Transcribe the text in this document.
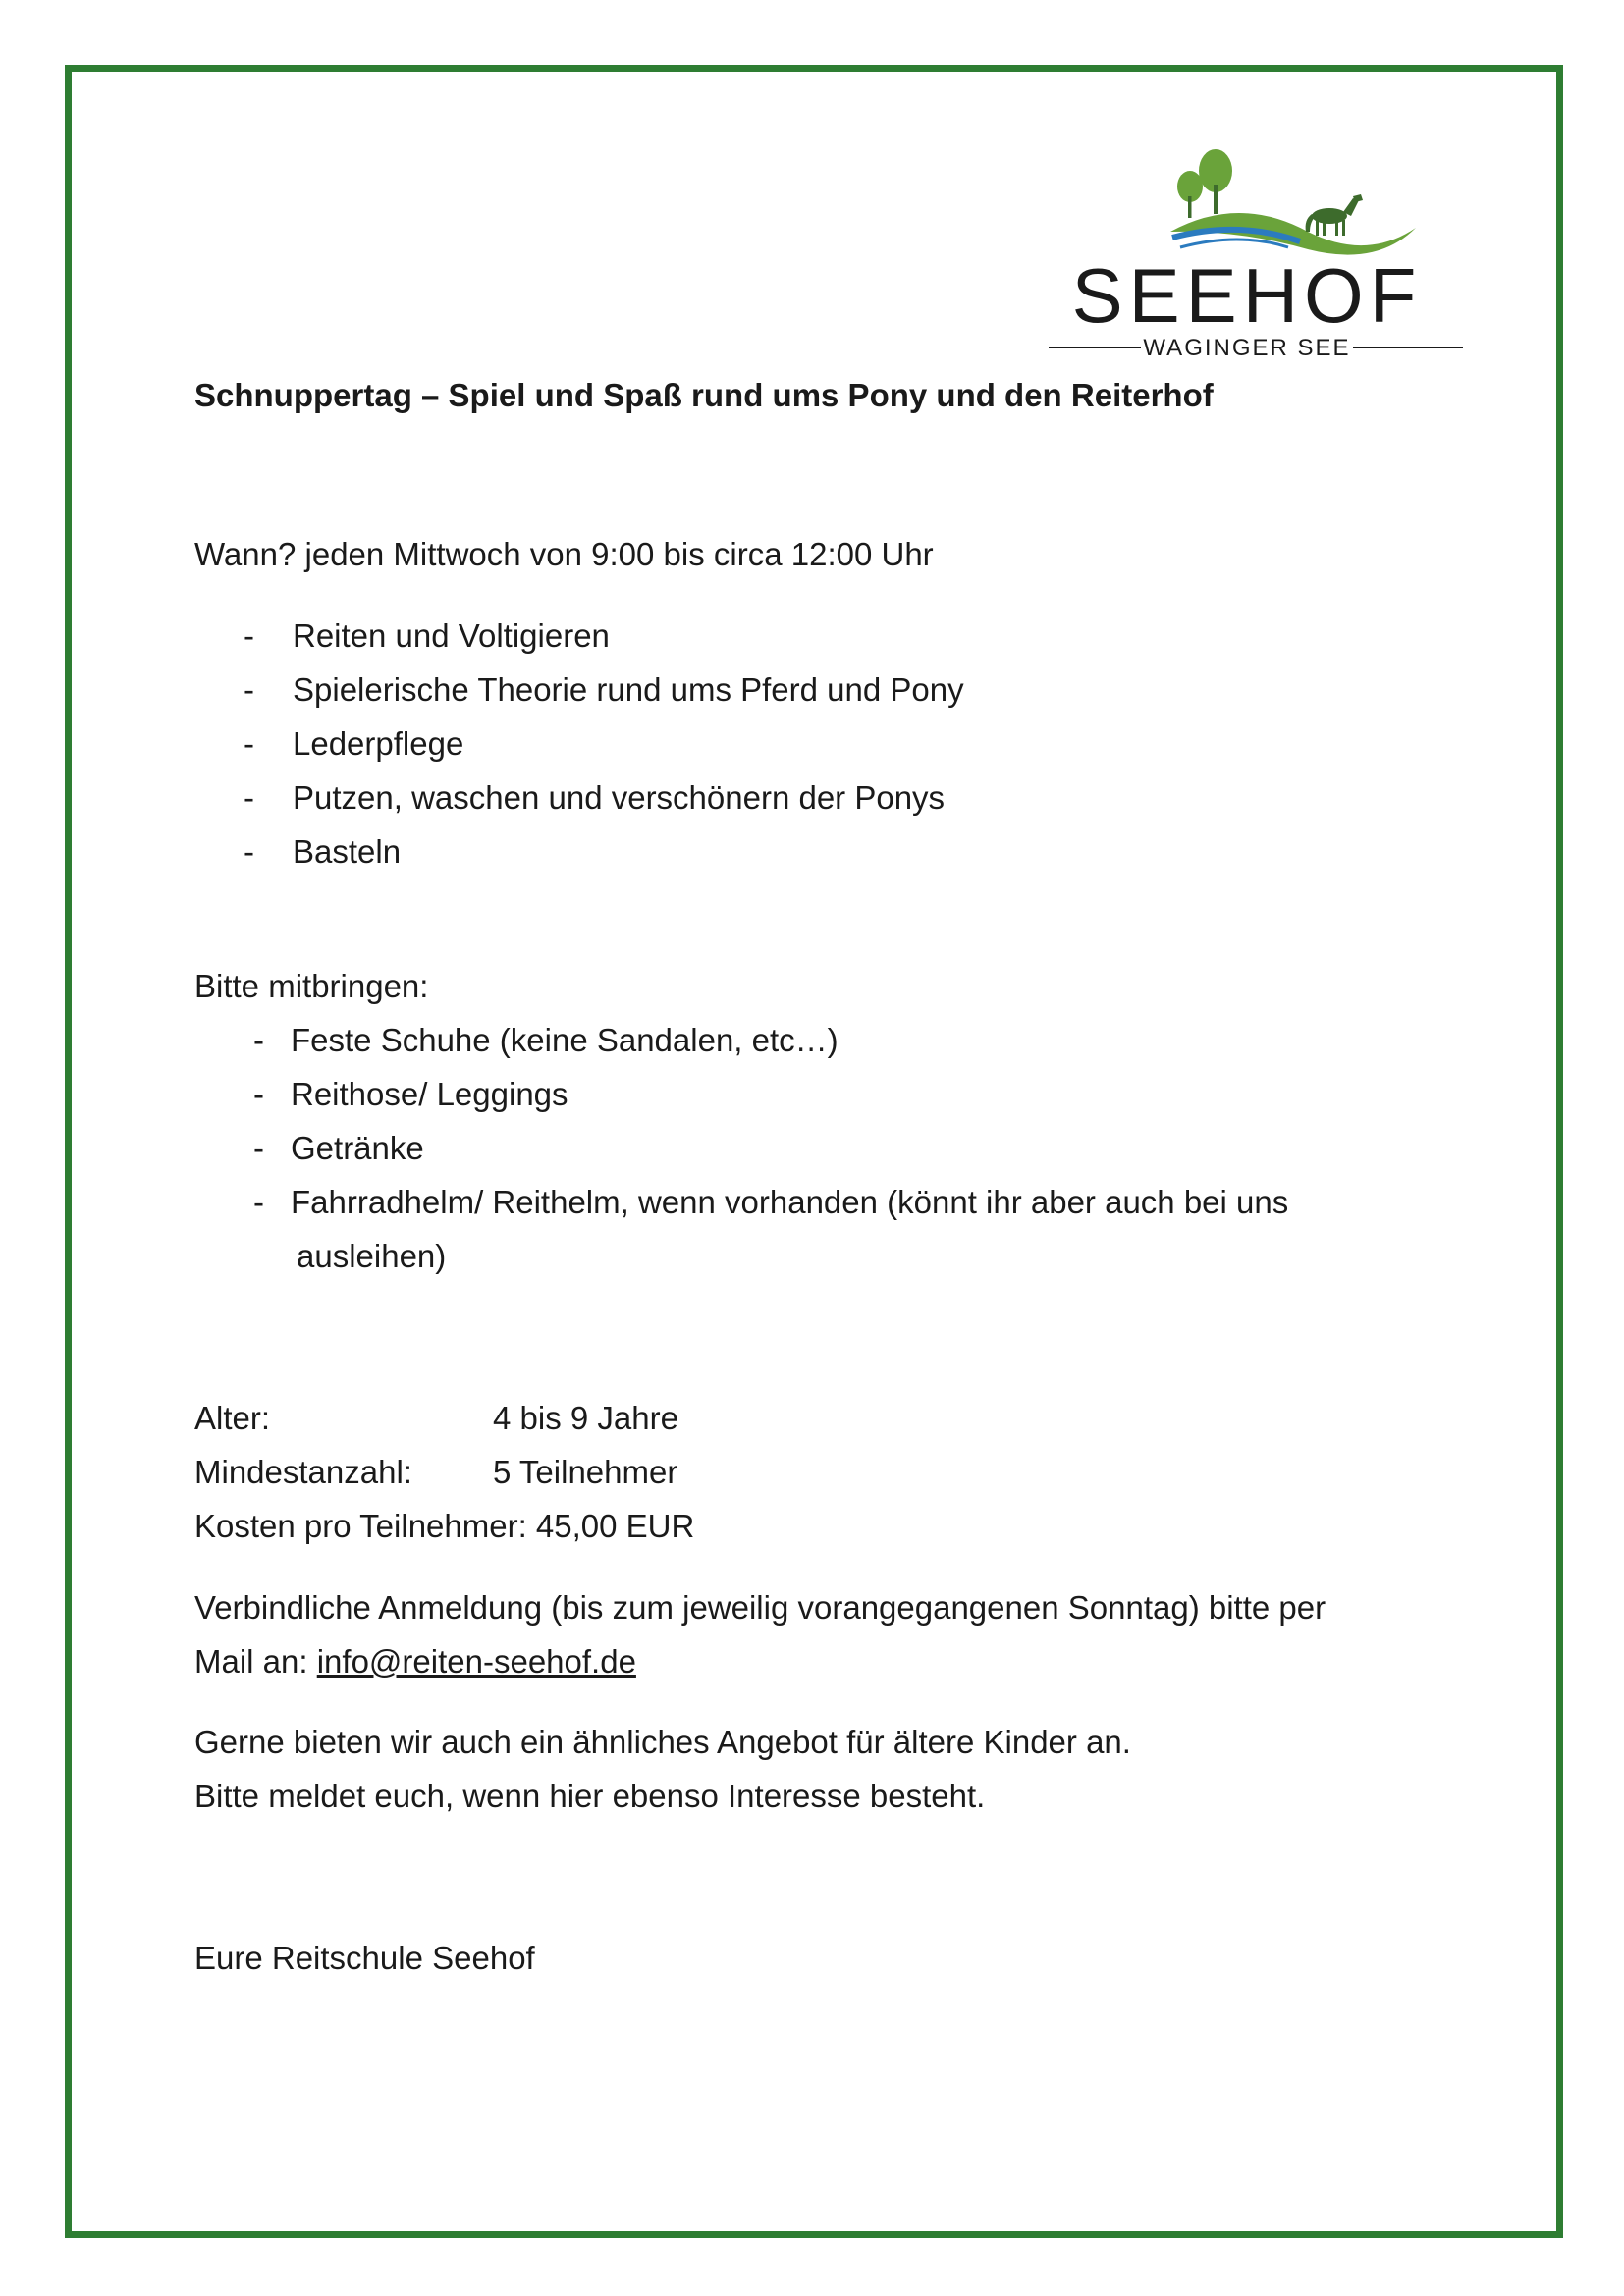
SEEHOF
WAGINGER SEE
Schnuppertag – Spiel und Spaß rund ums Pony und den Reiterhof
Wann? jeden Mittwoch von 9:00 bis circa 12:00 Uhr
- Reiten und Voltigieren
- Spielerische Theorie rund ums Pferd und Pony
- Lederpflege
- Putzen, waschen und verschönern der Ponys
- Basteln
Bitte mitbringen:
- Feste Schuhe (keine Sandalen, etc…)
- Reithose/ Leggings
- Getränke
- Fahrradhelm/ Reithelm, wenn vorhanden (könnt ihr aber auch bei uns
ausleihen)
Alter:	4 bis 9 Jahre
Mindestanzahl: 5 Teilnehmer
Kosten pro Teilnehmer: 45,00 EUR
Verbindliche Anmeldung (bis zum jeweilig vorangegangenen Sonntag) bitte per
Mail an: info@reiten-seehof.de
Gerne bieten wir auch ein ähnliches Angebot für ältere Kinder an.
Bitte meldet euch, wenn hier ebenso Interesse besteht.
Eure Reitschule Seehof
